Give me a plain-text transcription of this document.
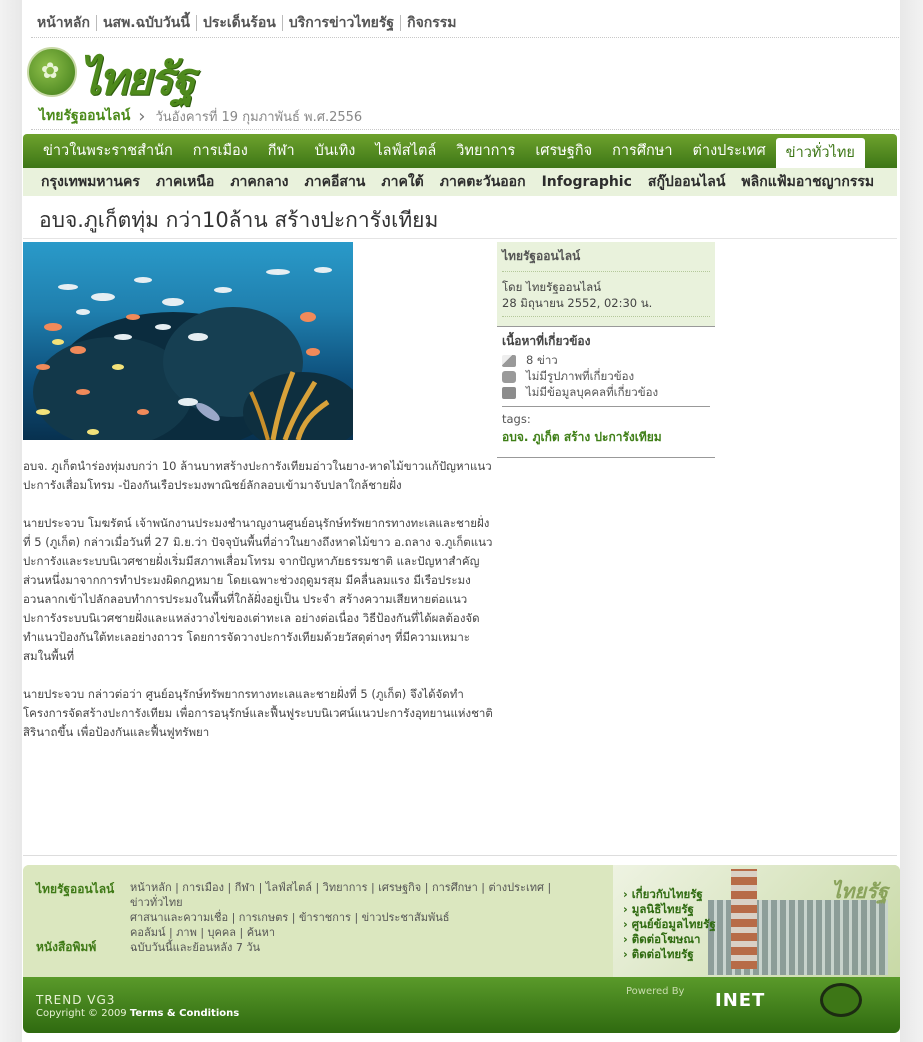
หน้าหลัก นสพ.ฉบับวันนี้ ประเด็นร้อน บริการข่าวไทยรัฐ กิจกรรม
✿ ไทยรัฐ
ไทยรัฐออนไลน์ › วันอังคารที่ 19 กุมภาพันธ์ พ.ศ.2556
ข่าวในพระราชสำนัก	การเมือง	กีฬา	บันเทิง	ไลฟ์สไตล์	วิทยาการ	เศรษฐกิจ	การศึกษา	ต่างประเทศ	ข่าวทั่วไทย
กรุงเทพมหานคร	ภาคเหนือ	ภาคกลาง	ภาคอีสาน	ภาคใต้	ภาคตะวันออก	Infographic	สกู๊ปออนไลน์	พลิกแฟ้มอาชญากรรม
อบจ.ภูเก็ตทุ่ม กว่า10ล้าน สร้างปะการังเทียม
อบจ. ภูเก็ตนำร่องทุ่มงบกว่า 10 ล้านบาทสร้างปะการังเทียมอ่าวในยาง-หาดไม้ขาวแก้ปัญหาแนวปะการังเสื่อมโทรม -ป้องกันเรือประมงพาณิชย์ลักลอบเข้ามาจับปลาใกล้ชายฝั่ง
นายประจวบ โมฆรัตน์ เจ้าพนักงานประมงชำนาญงานศูนย์อนุรักษ์ทรัพยากรทางทะเลและชายฝั่งที่ 5 (ภูเก็ต) กล่าวเมื่อวันที่ 27 มิ.ย.ว่า ปัจจุบันพื้นที่อ่าวในยางถึงหาดไม้ขาว อ.ถลาง จ.ภูเก็ตแนวปะการังและระบบนิเวศชายฝั่งเริ่มมีสภาพเสื่อมโทรม จากปัญหาภัยธรรมชาติ และปัญหาสำคัญส่วนหนึ่งมาจากการทำประมงผิดกฎหมาย โดยเฉพาะช่วงฤดูมรสุม มีคลื่นลมแรง มีเรือประมงอวนลากเข้าไปลักลอบทำการประมงในพื้นที่ใกล้ฝั่งอยู่เป็น ประจำ สร้างความเสียหายต่อแนวปะการังระบบนิเวศชายฝั่งและแหล่งวางไข่ของเต่าทะเล อย่างต่อเนื่อง วิธีป้องกันที่ได้ผลต้องจัดทำแนวป้องกันใต้ทะเลอย่างถาวร โดยการจัดวางปะการังเทียมด้วยวัสดุต่างๆ ที่มีความเหมาะสมในพื้นที่
นายประจวบ กล่าวต่อว่า ศูนย์อนุรักษ์ทรัพยากรทางทะเลและชายฝั่งที่ 5 (ภูเก็ต) จึงได้จัดทำโครงการจัดสร้างปะการังเทียม เพื่อการอนุรักษ์และฟื้นฟูระบบนิเวศน์แนวปะการังอุทยานแห่งชาติสิรินาถขึ้น เพื่อป้องกันและฟื้นฟูทรัพยา
ไทยรัฐออนไลน์
โดย ไทยรัฐออนไลน์
28 มิถุนายน 2552, 02:30 น.
เนื้อหาที่เกี่ยวข้อง
8 ข่าว
ไม่มีรูปภาพที่เกี่ยวข้อง
ไม่มีข้อมูลบุคคลที่เกี่ยวข้อง
tags:
อบจ. ภูเก็ต สร้าง ปะการังเทียม
ไทยรัฐออนไลน์
หนังสือพิมพ์
หน้าหลัก | การเมือง | กีฬา | ไลฟ์สไตล์ | วิทยาการ | เศรษฐกิจ | การศึกษา | ต่างประเทศ | ข่าวทั่วไทย
ศาสนาและความเชื่อ | การเกษตร | ข้าราชการ | ข่าวประชาสัมพันธ์
คอลัมน์ | ภาพ | บุคคล | ค้นหา
ฉบับวันนี้และย้อนหลัง 7 วัน
ไทยรัฐ
› เกี่ยวกับไทยรัฐ
› มูลนิธิไทยรัฐ
› ศูนย์ข้อมูลไทยรัฐ
› ติดต่อโฆษณา
› ติดต่อไทยรัฐ
TREND VG3
Copyright © 2009 Terms & Conditions
Powered By INET
